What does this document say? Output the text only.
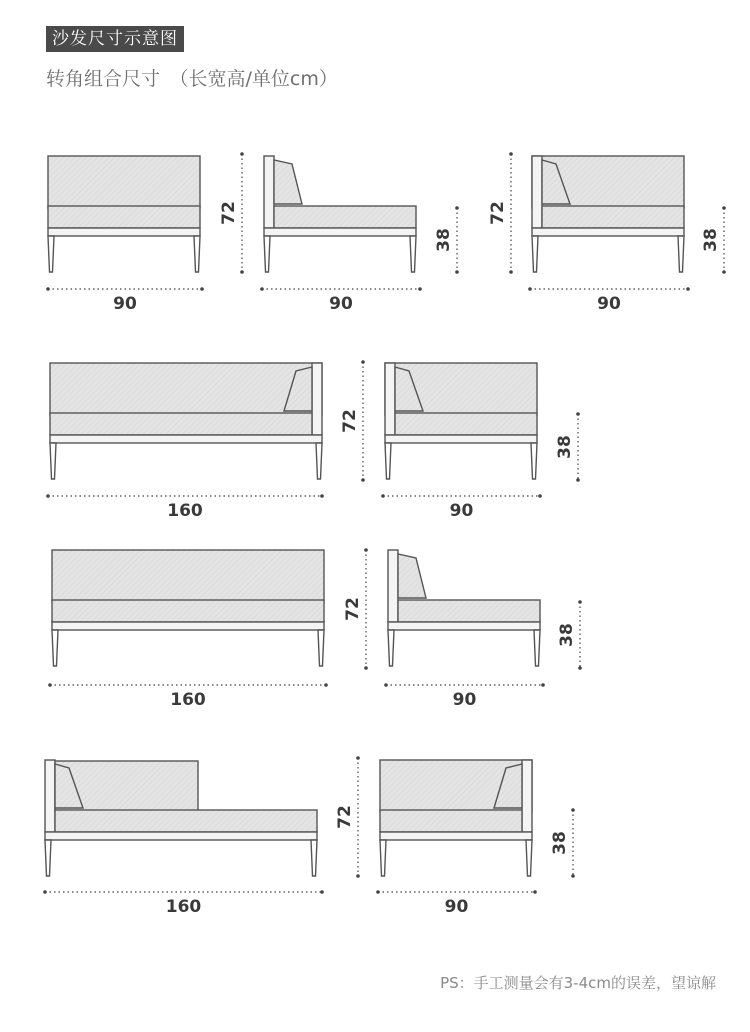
沙发尺寸示意图
转角组合尺寸　（长宽高/单位cm）
90	90
72
38
90
72
38
160
72
90
38
160
72
90
38
160
72
90
38
PS：手工测量会有3-4cm的误差，望谅解
